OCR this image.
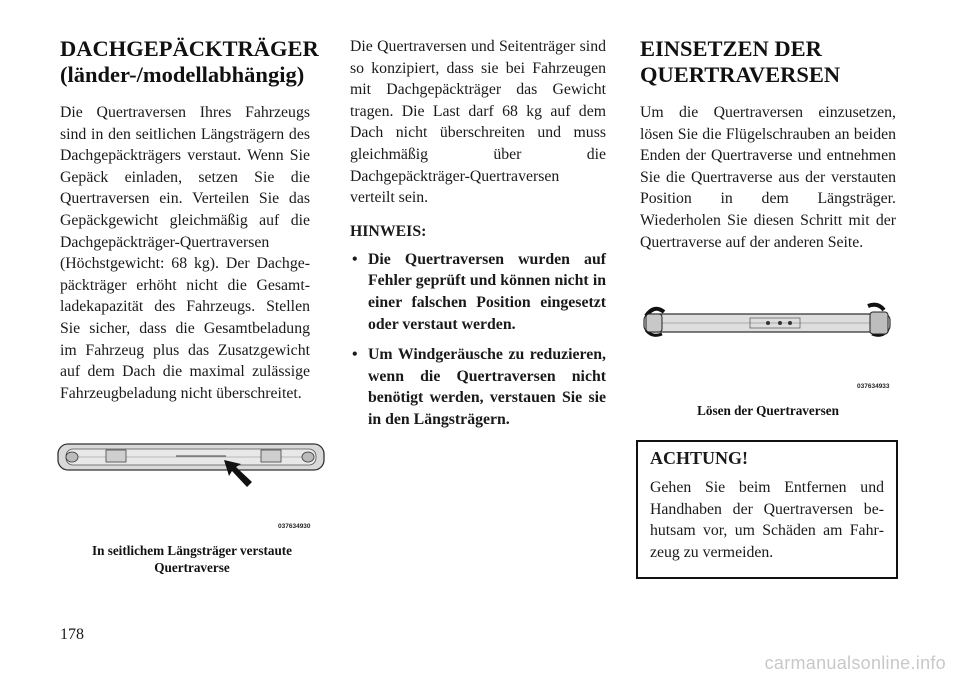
DACHGEPÄCKTRÄGER
(länder-/modellabhängig)

Die Quertraversen Ihres Fahrzeugs sind in den seitlichen Längsträgern des Dachgepäckträgers verstaut. Wenn Sie Gepäck einladen, setzen Sie die Quertraversen ein. Verteilen Sie das Gepäckgewicht gleichmäßig auf die Dachgepäckträger-Quertraversen (Höchstgewicht: 68 kg). Der Dachgepäckträger erhöht nicht die Gesamtladekapazität des Fahrzeugs. Stellen Sie sicher, dass die Gesamtbeladung im Fahrzeug plus das Zusatzgewicht auf dem Dach die maximal zulässige Fahrzeugbeladung nicht überschreitet.

037634930
In seitlichem Längsträger verstaute
Quertraverse

Die Quertraversen und Seitenträger sind so konzipiert, dass sie bei Fahrzeugen mit Dachgepäckträger das Gewicht tragen. Die Last darf 68 kg auf dem Dach nicht überschreiten und muss gleichmäßig über die Dachgepäckträger-Quertraversen verteilt sein.

HINWEIS:
• Die Quertraversen wurden auf Fehler geprüft und können nicht in einer falschen Position eingesetzt oder verstaut werden.
• Um Windgeräusche zu reduzieren, wenn die Quertraversen nicht benötigt werden, verstauen Sie sie in den Längsträgern.
EINSETZEN DER
QUERTRAVERSEN

Um die Quertraversen einzusetzen, lösen Sie die Flügelschrauben an beiden Enden der Quertraverse und entnehmen Sie die Quertraverse aus der verstauten Position in dem Längsträger. Wiederholen Sie diesen Schritt mit der Quertraverse auf der anderen Seite.

037634933
Lösen der Quertraversen
ACHTUNG!

Gehen Sie beim Entfernen und Handhaben der Quertraversen behutsam vor, um Schäden am Fahrzeug zu vermeiden.

178
carmanualsonline.info
